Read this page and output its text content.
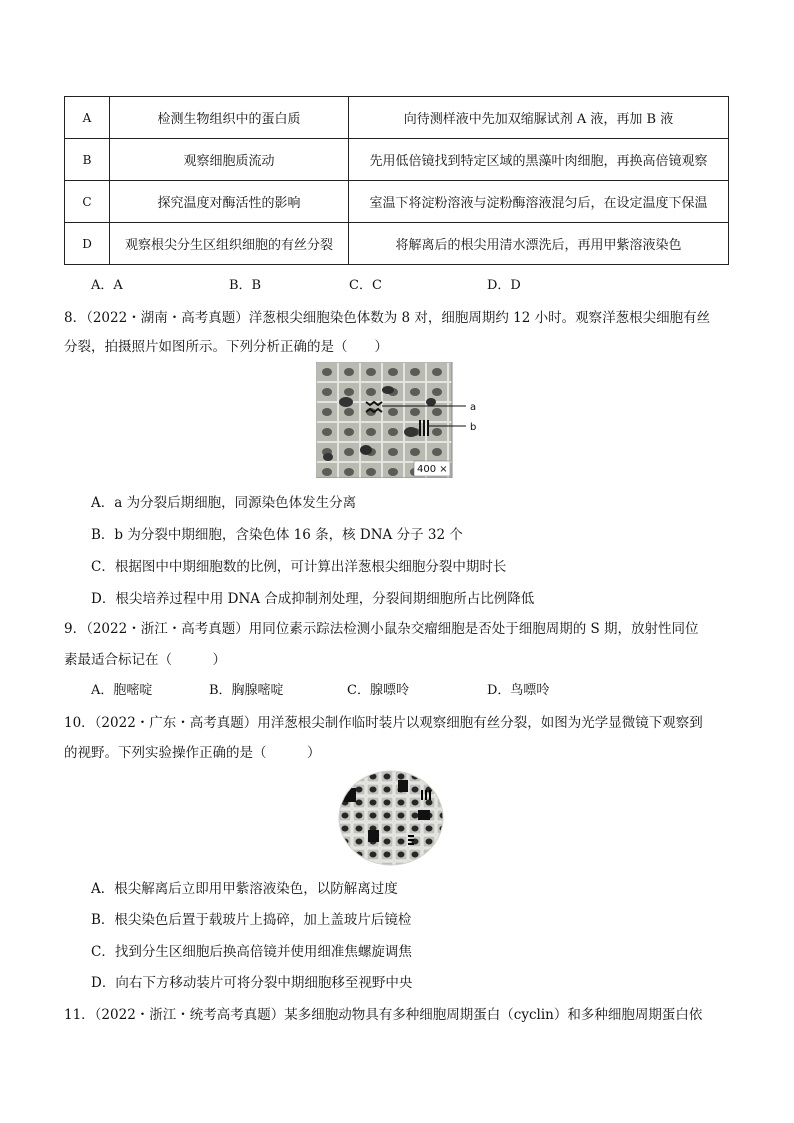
A	检测生物组织中的蛋白质	向待测样液中先加双缩脲试剂 A 液，再加 B 液
B	观察细胞质流动	先用低倍镜找到特定区域的黑藻叶肉细胞，再换高倍镜观察
C	探究温度对酶活性的影响	室温下将淀粉溶液与淀粉酶溶液混匀后，在设定温度下保温
D	观察根尖分生区组织细胞的有丝分裂	将解离后的根尖用清水漂洗后，再用甲紫溶液染色
A．A	B．B	C．C	D．D
8．（2022・湖南・高考真题）洋葱根尖细胞染色体数为 8 对，细胞周期约 12 小时。观察洋葱根尖细胞有丝
分裂，拍摄照片如图所示。下列分析正确的是（　　）
a
b
400 ×
A．a 为分裂后期细胞，同源染色体发生分离
B．b 为分裂中期细胞，含染色体 16 条，核 DNA 分子 32 个
C．根据图中中期细胞数的比例，可计算出洋葱根尖细胞分裂中期时长
D．根尖培养过程中用 DNA 合成抑制剂处理，分裂间期细胞所占比例降低
9．（2022・浙江・高考真题）用同位素示踪法检测小鼠杂交瘤细胞是否处于细胞周期的 S 期，放射性同位
素最适合标记在（　　　）
A．胞嘧啶	B．胸腺嘧啶	C．腺嘌呤	D．鸟嘌呤
10．（2022・广东・高考真题）用洋葱根尖制作临时装片以观察细胞有丝分裂，如图为光学显微镜下观察到
的视野。下列实验操作正确的是（　　　）
A．根尖解离后立即用甲紫溶液染色，以防解离过度
B．根尖染色后置于载玻片上捣碎，加上盖玻片后镜检
C．找到分生区细胞后换高倍镜并使用细准焦螺旋调焦
D．向右下方移动装片可将分裂中期细胞移至视野中央
11．（2022・浙江・统考高考真题）某多细胞动物具有多种细胞周期蛋白（cyclin）和多种细胞周期蛋白依
